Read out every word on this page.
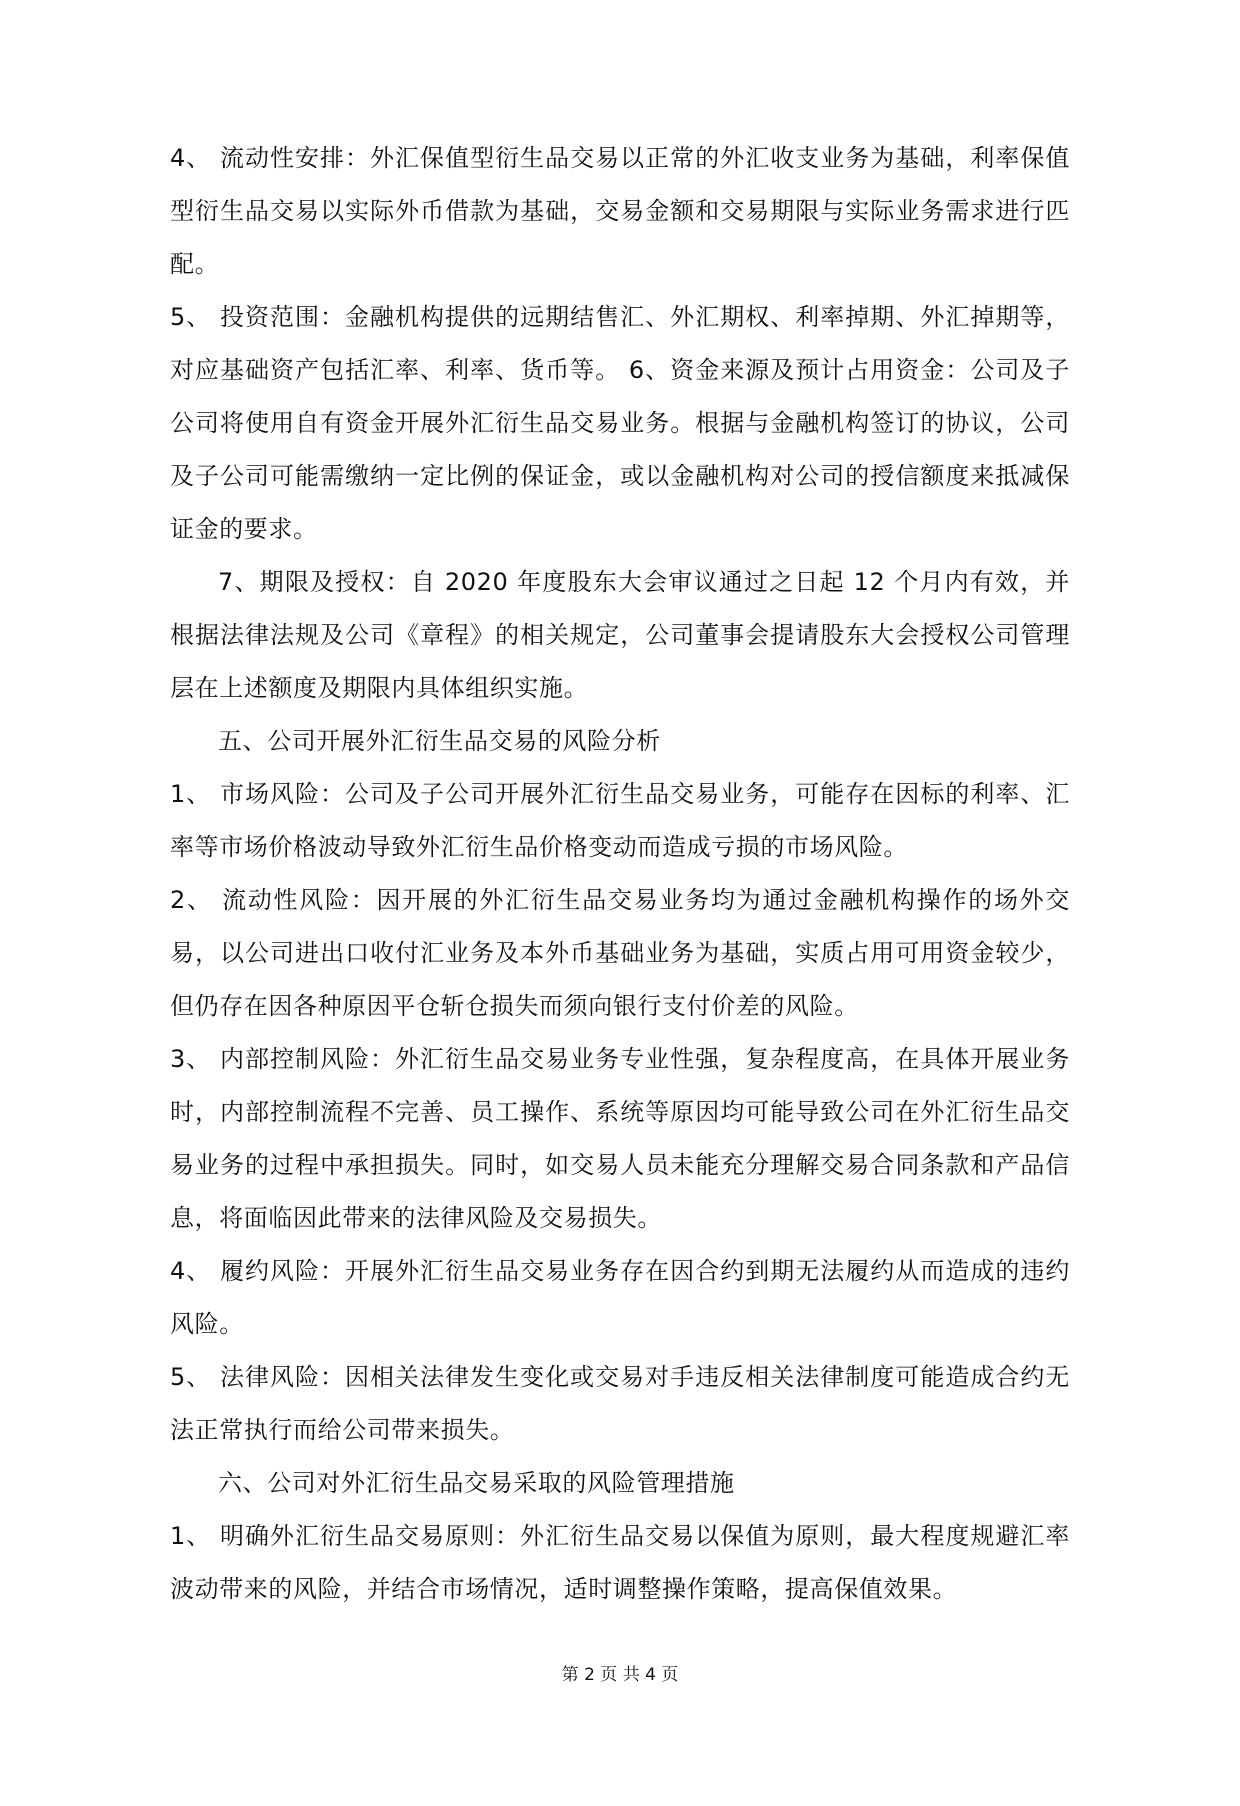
4、 流动性安排：外汇保值型衍生品交易以正常的外汇收支业务为基础，利率保值型衍生品交易以实际外币借款为基础，交易金额和交易期限与实际业务需求进行匹配。

5、 投资范围：金融机构提供的远期结售汇、外汇期权、利率掉期、外汇掉期等，对应基础资产包括汇率、利率、货币等。 6、资金来源及预计占用资金：公司及子公司将使用自有资金开展外汇衍生品交易业务。根据与金融机构签订的协议，公司及子公司可能需缴纳一定比例的保证金，或以金融机构对公司的授信额度来抵减保证金的要求。

7、期限及授权：自 2020 年度股东大会审议通过之日起 12 个月内有效，并根据法律法规及公司《章程》的相关规定，公司董事会提请股东大会授权公司管理层在上述额度及期限内具体组织实施。

五、公司开展外汇衍生品交易的风险分析

1、 市场风险：公司及子公司开展外汇衍生品交易业务，可能存在因标的利率、汇率等市场价格波动导致外汇衍生品价格变动而造成亏损的市场风险。

2、 流动性风险：因开展的外汇衍生品交易业务均为通过金融机构操作的场外交易，以公司进出口收付汇业务及本外币基础业务为基础，实质占用可用资金较少，但仍存在因各种原因平仓斩仓损失而须向银行支付价差的风险。

3、 内部控制风险：外汇衍生品交易业务专业性强，复杂程度高，在具体开展业务时，内部控制流程不完善、员工操作、系统等原因均可能导致公司在外汇衍生品交易业务的过程中承担损失。同时，如交易人员未能充分理解交易合同条款和产品信息，将面临因此带来的法律风险及交易损失。

4、 履约风险：开展外汇衍生品交易业务存在因合约到期无法履约从而造成的违约风险。

5、 法律风险：因相关法律发生变化或交易对手违反相关法律制度可能造成合约无法正常执行而给公司带来损失。

六、公司对外汇衍生品交易采取的风险管理措施

1、 明确外汇衍生品交易原则：外汇衍生品交易以保值为原则，最大程度规避汇率波动带来的风险，并结合市场情况，适时调整操作策略，提高保值效果。

第 2 页 共 4 页
